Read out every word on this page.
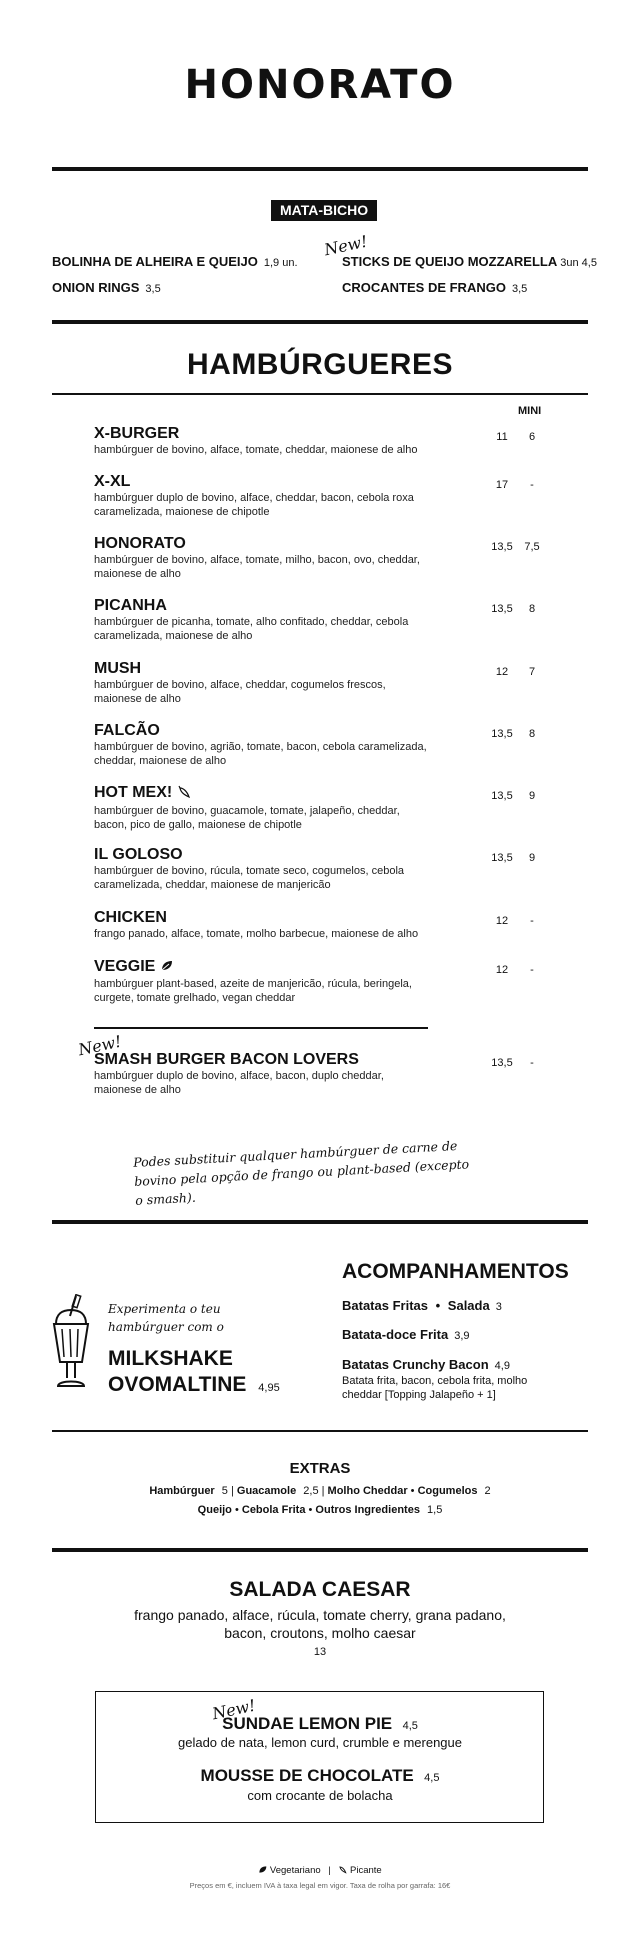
HONORATO
MATA-BICHO
New!
BOLINHA DE ALHEIRA E QUEIJO 1,9 un.
ONION RINGS 3,5
STICKS DE QUEIJO MOZZARELLA 3un 4,5
CROCANTES DE FRANGO 3,5
HAMBÚRGUERES
MINI
X-BURGER
hambúrguer de bovino, alface, tomate, cheddar, maionese de alho
11	6
X-XL
hambúrguer duplo de bovino, alface, cheddar, bacon, cebola roxa caramelizada, maionese de chipotle
17	-
HONORATO
hambúrguer de bovino, alface, tomate, milho, bacon, ovo, cheddar, maionese de alho
13,5	7,5
PICANHA
hambúrguer de picanha, tomate, alho confitado, cheddar, cebola caramelizada, maionese de alho
13,5	8
MUSH
hambúrguer de bovino, alface, cheddar, cogumelos frescos, maionese de alho
12	7
FALCÃO
hambúrguer de bovino, agrião, tomate, bacon, cebola caramelizada, cheddar, maionese de alho
13,5	8
HOT MEX!
hambúrguer de bovino, guacamole, tomate, jalapeño, cheddar, bacon, pico de gallo, maionese de chipotle
13,5	9
IL GOLOSO
hambúrguer de bovino, rúcula, tomate seco, cogumelos, cebola caramelizada, cheddar, maionese de manjericão
13,5	9
CHICKEN
frango panado, alface, tomate, molho barbecue, maionese de alho
12	-
VEGGIE
hambúrguer plant-based, azeite de manjericão, rúcula, beringela, curgete, tomate grelhado, vegan cheddar
12	-
New!
SMASH BURGER BACON LOVERS
hambúrguer duplo de bovino, alface, bacon, duplo cheddar, maionese de alho
13,5	-
Podes substituir qualquer hambúrguer de carne de bovino pela opção de frango ou plant-based (excepto o smash).
Experimenta o teu hambúrguer com o
MILKSHAKE
OVOMALTINE 4,95
ACOMPANHAMENTOS
Batatas Fritas • Salada 3
Batata-doce Frita 3,9
Batatas Crunchy Bacon 4,9
Batata frita, bacon, cebola frita, molho cheddar [Topping Jalapeño + 1]
EXTRAS
Hambúrguer 5 | Guacamole 2,5 | Molho Cheddar • Cogumelos 2
Queijo • Cebola Frita • Outros Ingredientes 1,5
SALADA CAESAR
frango panado, alface, rúcula, tomate cherry, grana padano, bacon, croutons, molho caesar
13
New!
SUNDAE LEMON PIE 4,5
gelado de nata, lemon curd, crumble e merengue
MOUSSE DE CHOCOLATE 4,5
com crocante de bolacha
Vegetariano | Picante
Preços em €, incluem IVA à taxa legal em vigor. Taxa de rolha por garrafa: 16€
